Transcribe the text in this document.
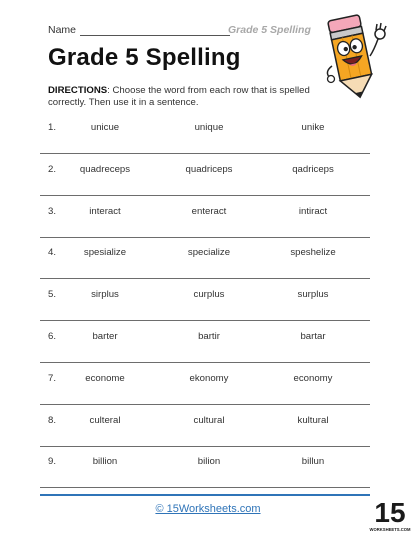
Name	Grade 5 Spelling
Grade 5 Spelling

DIRECTIONS: Choose the word from each row that is spelled correctly. Then use it in a sentence.

1.	unicue	unique	unike
2.	quadreceps	quadriceps	qadriceps
3.	interact	enteract	intiract
4.	spesialize	specialize	speshelize
5.	sirplus	curplus	surplus
6.	barter	bartir	bartar
7.	econome	ekonomy	economy
8.	culteral	cultural	kultural
9.	billion	bilion	billun
© 15Worksheets.com	15
WORKSHEETS.COM
